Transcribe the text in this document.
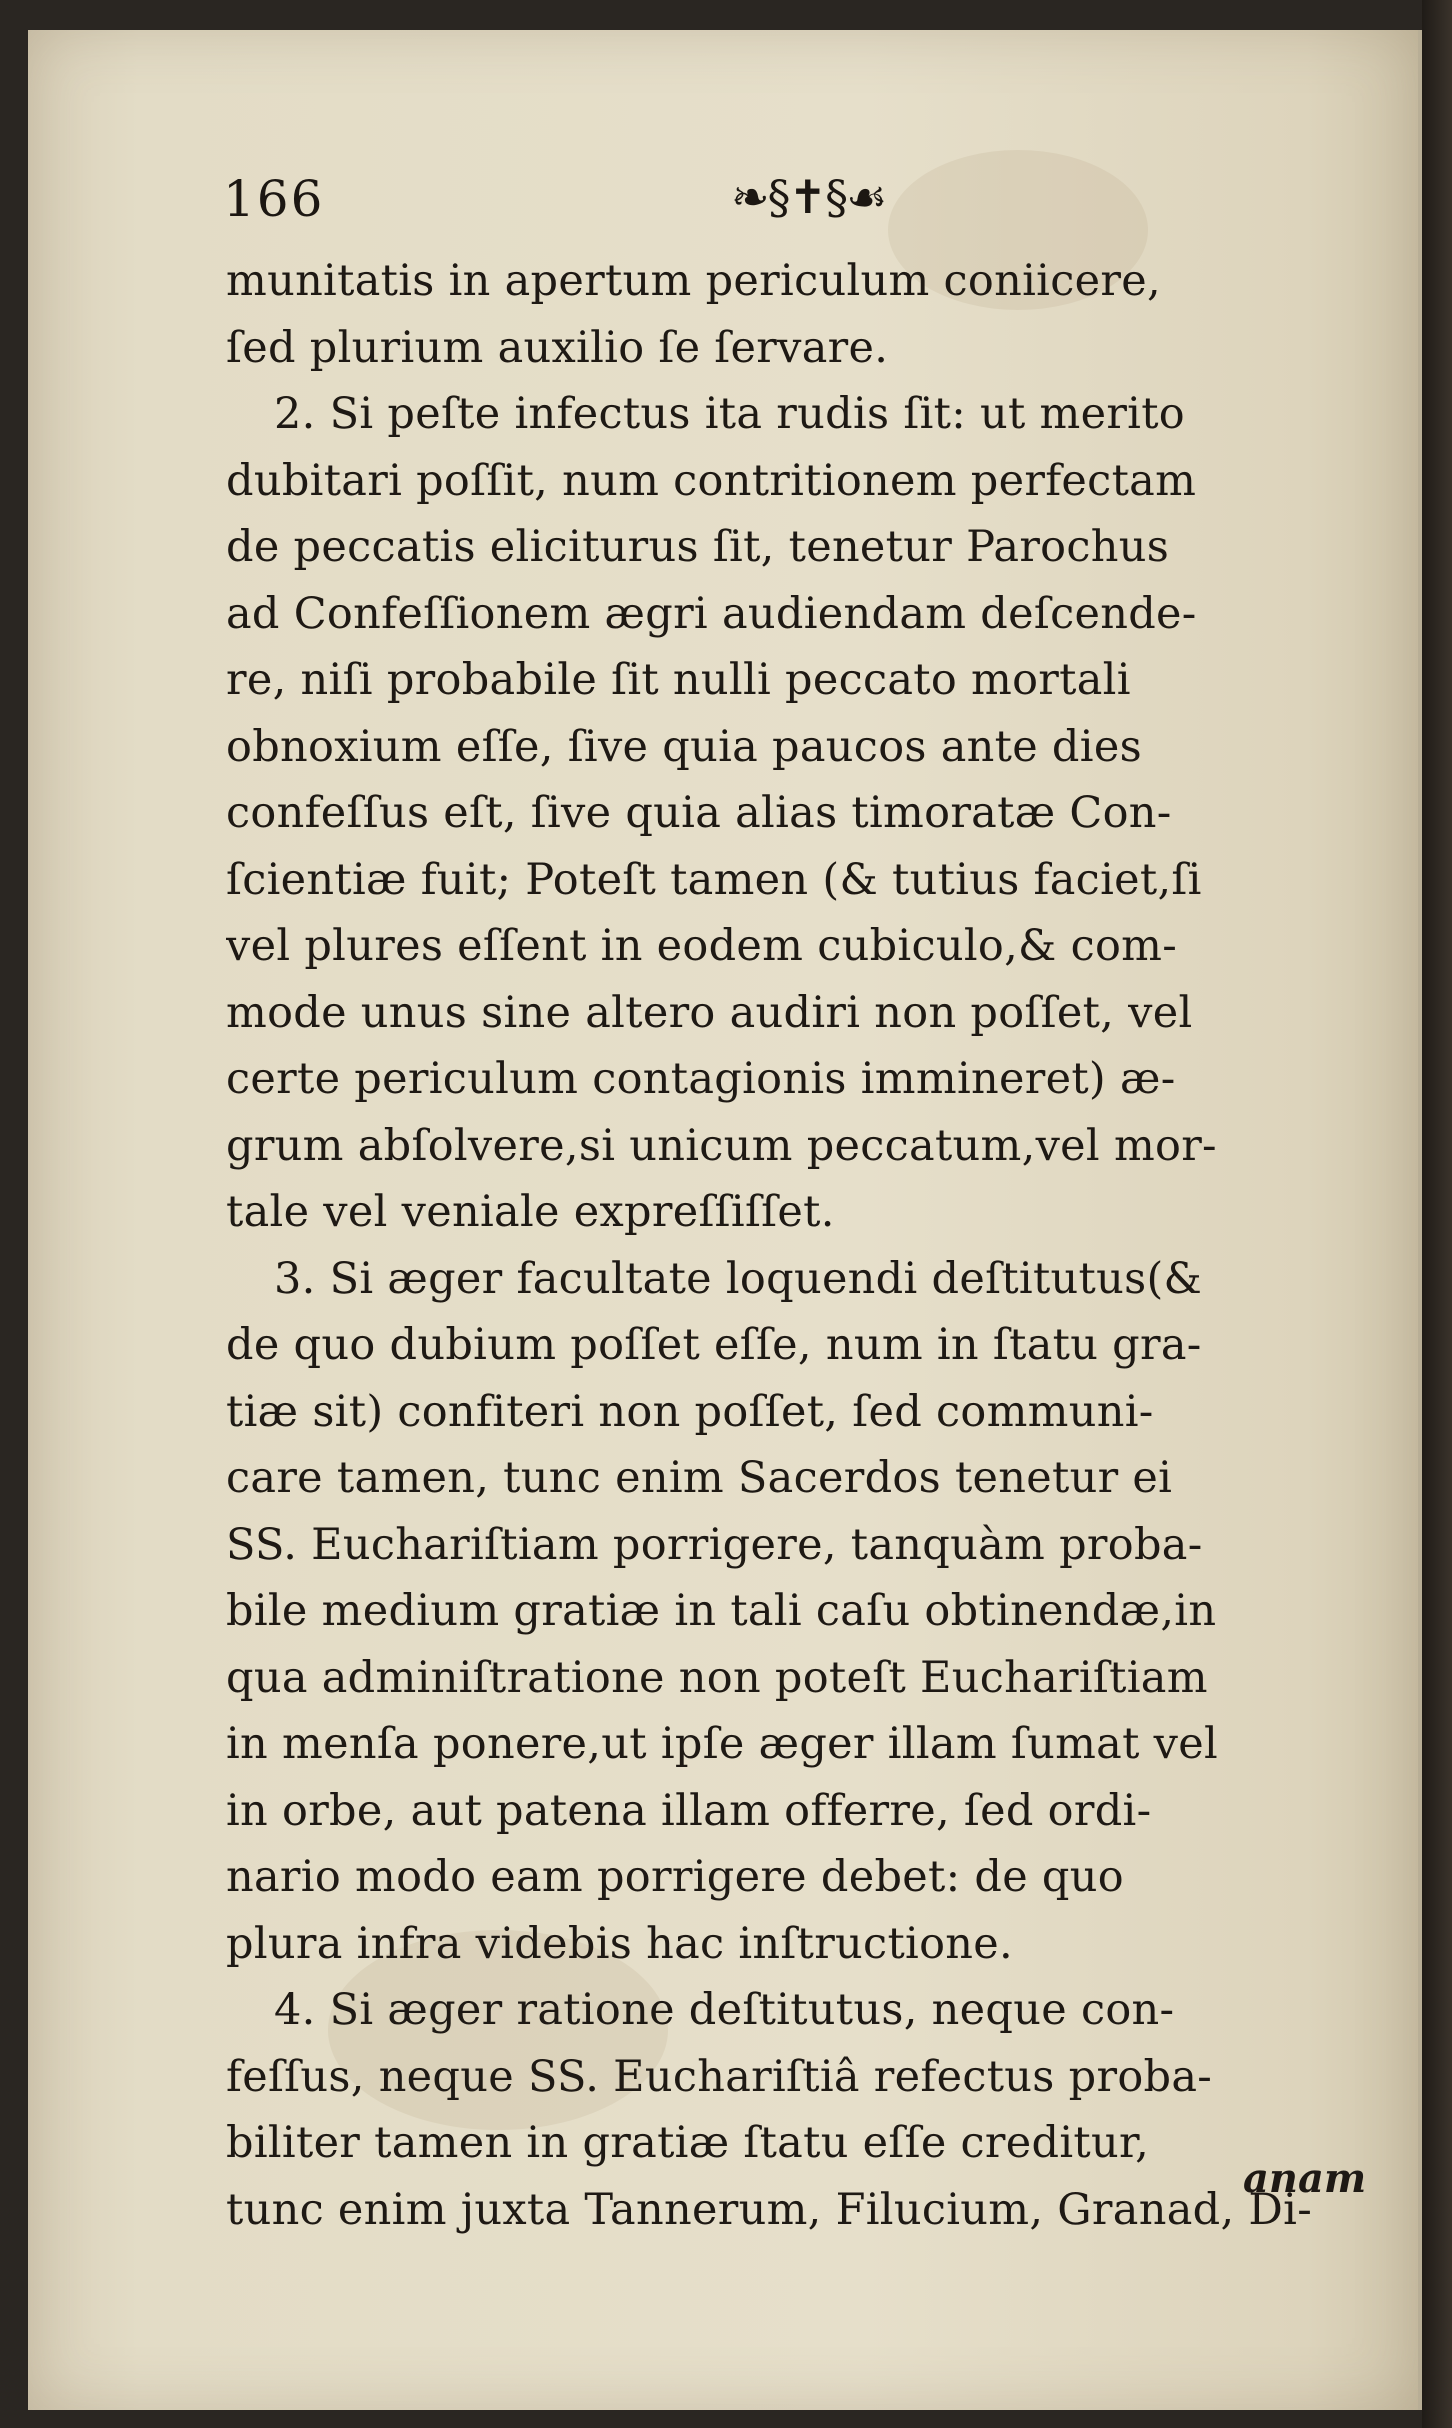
166	❧§✝§☙
munitatis in apertum periculum coniicere,
ſed plurium auxilio ſe ſervare.
2. Si peſte infectus ita rudis ſit: ut merito
dubitari poſſit, num contritionem perfectam
de peccatis eliciturus ſit, tenetur Parochus
ad Confeſſionem ægri audiendam deſcende-
re, niſi probabile ſit nulli peccato mortali
obnoxium eſſe, ſive quia paucos ante dies
confeſſus eſt, ſive quia alias timoratæ Con-
ſcientiæ fuit; Poteſt tamen (& tutius faciet,ſi
vel plures eſſent in eodem cubiculo,& com-
mode unus sine altero audiri non poſſet, vel
certe periculum contagionis immineret) æ-
grum abſolvere,si unicum peccatum,vel mor-
tale vel veniale expreſſiſſet.
3. Si æger facultate loquendi deſtitutus(&
de quo dubium poſſet eſſe, num in ſtatu gra-
tiæ sit) confiteri non poſſet, ſed communi-
care tamen, tunc enim Sacerdos tenetur ei
SS. Euchariſtiam porrigere, tanquàm proba-
bile medium gratiæ in tali caſu obtinendæ,in
qua adminiſtratione non poteſt Euchariſtiam
in menſa ponere,ut ipſe æger illam ſumat vel
in orbe, aut patena illam offerre, ſed ordi-
nario modo eam porrigere debet: de quo
plura infra videbis hac inſtructione.
4. Si æger ratione deſtitutus, neque con-
feſſus, neque SS. Euchariſtiâ refectus proba-
biliter tamen in gratiæ ſtatu eſſe creditur,
tunc enim juxta Tannerum, Filucium, Granad, Di-
anam
